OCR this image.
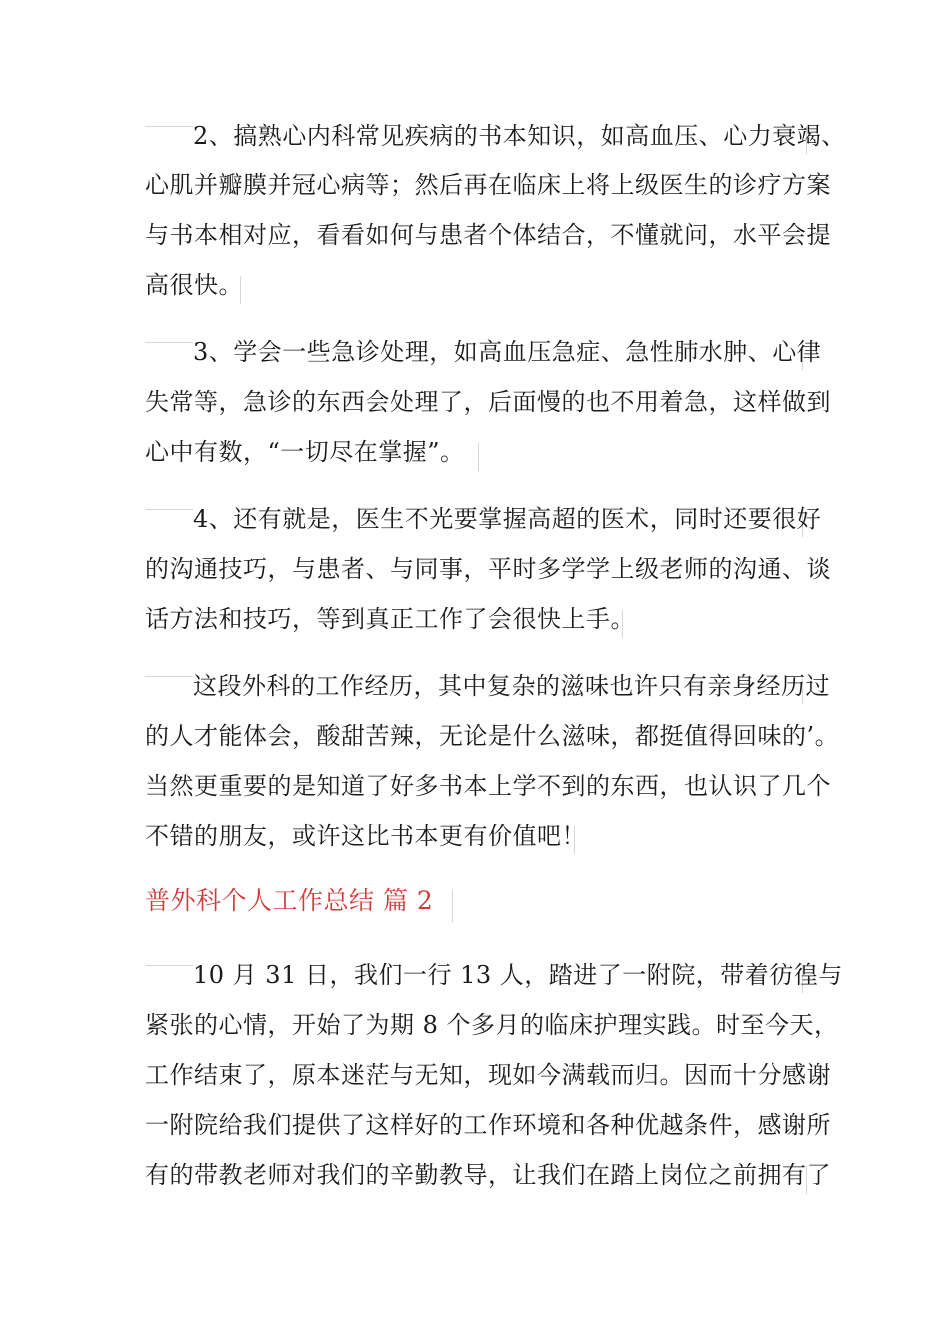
2、搞熟心内科常见疾病的书本知识，如高血压、心力衰竭、
心肌并瓣膜并冠心病等；然后再在临床上将上级医生的诊疗方案
与书本相对应，看看如何与患者个体结合，不懂就问，水平会提
高很快。
3、学会一些急诊处理，如高血压急症、急性肺水肿、心律
失常等，急诊的东西会处理了，后面慢的也不用着急，这样做到
心中有数，“一切尽在掌握”。
4、还有就是，医生不光要掌握高超的医术，同时还要很好
的沟通技巧，与患者、与同事，平时多学学上级老师的沟通、谈
话方法和技巧，等到真正工作了会很快上手。
这段外科的工作经历，其中复杂的滋味也许只有亲身经历过
的人才能体会，酸甜苦辣，无论是什么滋味，都挺值得回味的’。
当然更重要的是知道了好多书本上学不到的东西，也认识了几个
不错的朋友，或许这比书本更有价值吧！
普外科个人工作总结 篇 2
10 月 31 日，我们一行 13 人，踏进了一附院，带着彷徨与
紧张的心情，开始了为期 8 个多月的临床护理实践。时至今天，
工作结束了，原本迷茫与无知，现如今满载而归。因而十分感谢
一附院给我们提供了这样好的工作环境和各种优越条件，感谢所
有的带教老师对我们的辛勤教导，让我们在踏上岗位之前拥有了
